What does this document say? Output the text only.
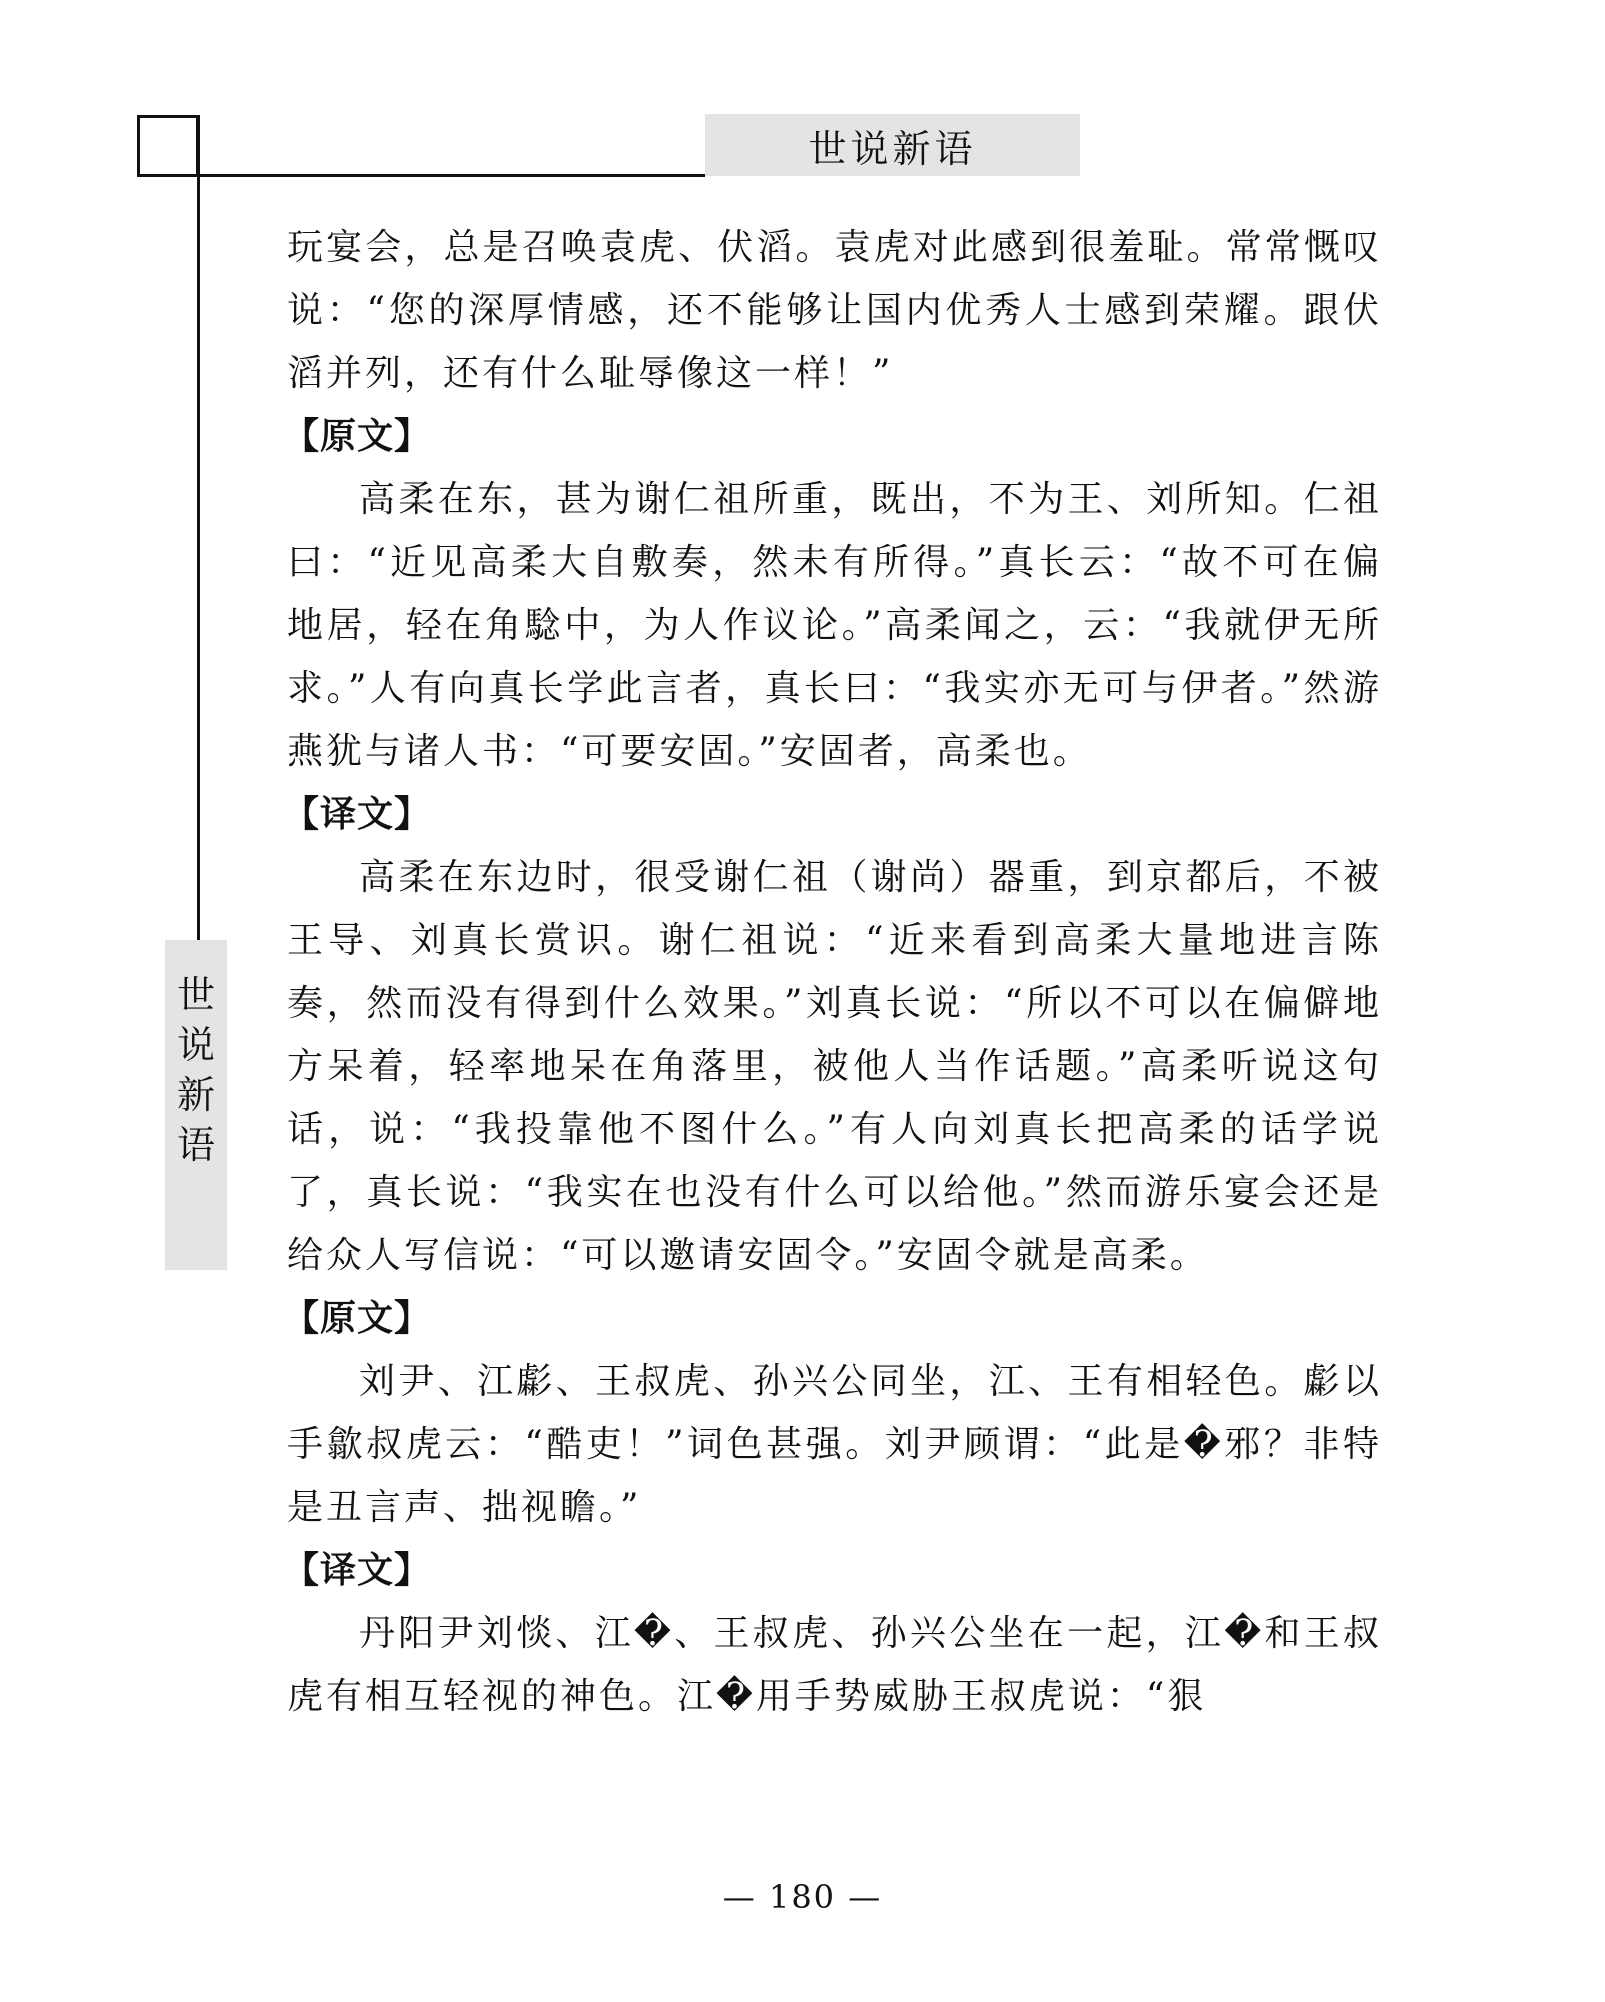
世说新语
世
说
新
语

玩宴会，总是召唤袁虎、伏滔。袁虎对此感到很羞耻。常常慨叹说：“您的深厚情感，还不能够让国内优秀人士感到荣耀。跟伏滔并列，还有什么耻辱像这一样！”

【原文】

高柔在东，甚为谢仁祖所重，既出，不为王、刘所知。仁祖曰：“近见高柔大自敷奏，然未有所得。”真长云：“故不可在偏地居，轻在角騐中，为人作议论。”高柔闻之，云：“我就伊无所求。”人有向真长学此言者，真长曰：“我实亦无可与伊者。”然游燕犹与诸人书：“可要安固。”安固者，高柔也。

【译文】

高柔在东边时，很受谢仁祖（谢尚）器重，到京都后，不被王导、刘真长赏识。谢仁祖说：“近来看到高柔大量地进言陈奏，然而没有得到什么效果。”刘真长说：“所以不可以在偏僻地方呆着，轻率地呆在角落里，被他人当作话题。”高柔听说这句话，说：“我投靠他不图什么。”有人向刘真长把高柔的话学说了，真长说：“我实在也没有什么可以给他。”然而游乐宴会还是给众人写信说：“可以邀请安固令。”安固令就是高柔。

【原文】

刘尹、江虨、王叔虎、孙兴公同坐，江、王有相轻色。虨以手歙叔虎云：“酷吏！”词色甚强。刘尹顾谓：“此是�邪？非特是丑言声、拙视瞻。”

【译文】

丹阳尹刘惔、江�、王叔虎、孙兴公坐在一起，江�和王叔虎有相互轻视的神色。江�用手势威胁王叔虎说：“狠

— 180 —
